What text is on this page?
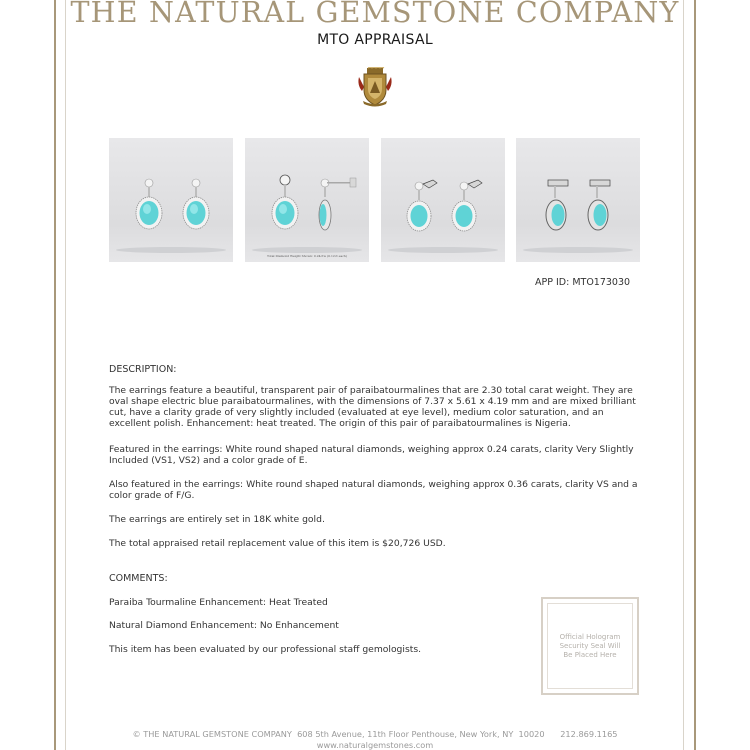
THE NATURAL GEMSTONE COMPANY
MTO APPRAISAL
Total Diamond Weight Shown: 0.24ctw (0.12ct each)
APP ID: MTO173030
DESCRIPTION:
The earrings feature a beautiful, transparent pair of paraibatourmalines that are 2.30 total carat weight. They are oval shape electric blue paraibatourmalines, with the dimensions of 7.37 x 5.61 x 4.19 mm and are mixed brilliant cut, have a clarity grade of very slightly included (evaluated at eye level), medium color saturation, and an excellent polish. Enhancement: heat treated. The origin of this pair of paraibatourmalines is Nigeria.
Featured in the earrings: White round shaped natural diamonds, weighing approx 0.24 carats, clarity Very Slightly Included (VS1, VS2) and a color grade of E.
Also featured in the earrings: White round shaped natural diamonds, weighing approx 0.36 carats, clarity VS and a color grade of F/G.
The earrings are entirely set in 18K white gold.
The total appraised retail replacement value of this item is $20,726 USD.
COMMENTS:
Paraiba Tourmaline Enhancement: Heat Treated
Natural Diamond Enhancement: No Enhancement
This item has been evaluated by our professional staff gemologists.
Official Hologram
Security Seal Will
Be Placed Here
© THE NATURAL GEMSTONE COMPANY  608 5th Avenue, 11th Floor Penthouse, New York, NY  10020      212.869.1165
www.naturalgemstones.com
